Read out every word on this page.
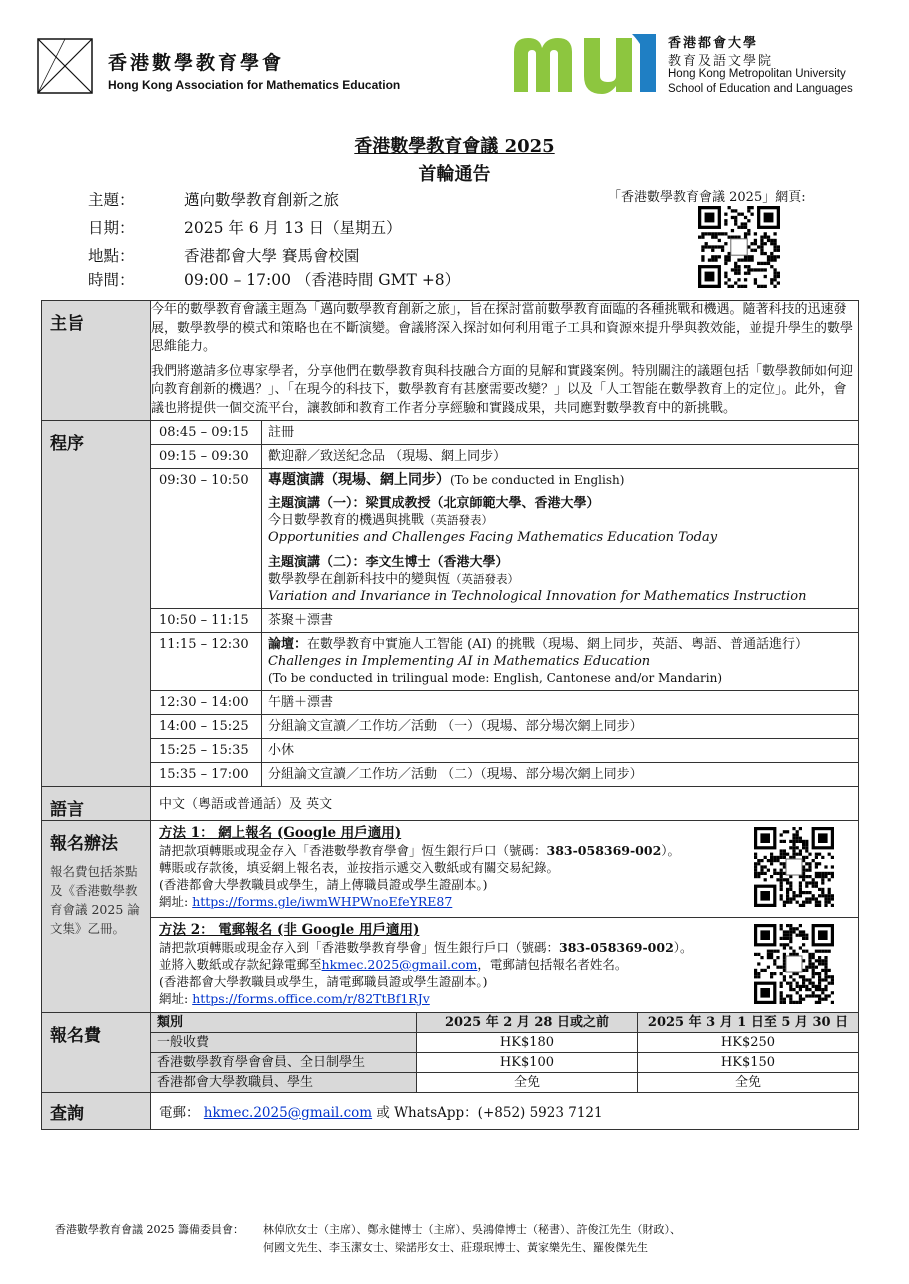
香港數學教育學會
Hong Kong Association for Mathematics Education
香港都會大學
教育及語文學院
Hong Kong Metropolitan University
School of Education and Languages
香港數學教育會議 2025
首輪通告
主題：	邁向數學教育創新之旅
日期：	2025 年 6 月 13 日（星期五）
地點：	香港都會大學 賽馬會校園
時間：	09:00 – 17:00 （香港時間 GMT +8）
「香港數學教育會議 2025」網頁:
主旨	

今年的數學教育會議主題為「邁向數學教育創新之旅」，旨在探討當前數學教育面臨的各種挑戰和機遇。隨著科技的迅速發展，數學教學的模式和策略也在不斷演變。會議將深入探討如何利用電子工具和資源來提升學與教效能，並提升學生的數學思維能力。

我們將邀請多位專家學者，分享他們在數學教育與科技融合方面的見解和實踐案例。特別關注的議題包括「數學教師如何迎向教育創新的機遇？」、「在現今的科技下，數學教育有甚麼需要改變？」以及「人工智能在數學教育上的定位」。此外，會議也將提供一個交流平台，讓教師和教育工作者分享經驗和實踐成果，共同應對數學教育中的新挑戰。

程序	
08:45 – 09:15	註冊
09:15 – 09:30	歡迎辭／致送紀念品 （現場、網上同步）
09:30 – 10:50	專題演講（現場、網上同步）(To be conducted in English)
主題演講（一）：梁貫成教授（北京師範大學、香港大學）
今日數學教育的機遇與挑戰（英語發表）
Opportunities and Challenges Facing Mathematics Education Today
主題演講（二）：李文生博士（香港大學）
數學教學在創新科技中的變與恆（英語發表）
Variation and Invariance in Technological Innovation for Mathematics Instruction

10:50 – 11:15	茶聚＋漂書
11:15 – 12:30	論壇：在數學教育中實施人工智能 (AI) 的挑戰（現場、網上同步，英語、粵語、普通話進行）
Challenges in Implementing AI in Mathematics Education
(To be conducted in trilingual mode: English, Cantonese and/or Mandarin)

12:30 – 14:00	午膳＋漂書
14:00 – 15:25	分組論文宣讀／工作坊／活動 （一）（現場、部分場次網上同步）
15:25 – 15:35	小休
15:35 – 17:00	分組論文宣讀／工作坊／活動 （二）（現場、部分場次網上同步）

語言	中文（粵語或普通話）及 英文

報名辦法
報名費包括茶點及《香港數學教育會議 2025 論文集》乙冊。

方法 1： 網上報名 (Google 用戶適用)
請把款項轉賬或現金存入「香港數學教育學會」恆生銀行戶口（號碼：383-058369-002）。
轉賬或存款後，填妥網上報名表，並按指示遞交入數紙或有關交易紀錄。
(香港都會大學教職員或學生，請上傳職員證或學生證副本。)
網址: https://forms.gle/iwmWHPWnoEfeYRE87
方法 2： 電郵報名 (非 Google 用戶適用)
請把款項轉賬或現金存入到「香港數學教育學會」恆生銀行戶口（號碼：383-058369-002）。
並將入數紙或存款紀錄電郵至hkmec.2025@gmail.com，電郵請包括報名者姓名。
(香港都會大學教職員或學生，請電郵職員證或學生證副本。)
網址: https://forms.office.com/r/82TtBf1RJv

報名費	
類別	2025 年 2 月 28 日或之前	2025 年 3 月 1 日至 5 月 30 日
一般收費	HK$180	HK$250
香港數學教育學會會員、全日制學生	HK$100	HK$150
香港都會大學教職員、學生	全免	全免

查詢	電郵： hkmec.2025@gmail.com 或 WhatsApp：(+852) 5923 7121
香港數學教育會議 2025 籌備委員會：	林倬欣女士（主席）、鄭永健博士（主席）、吳鴻偉博士（秘書）、許俊江先生（財政）、
何國文先生、李玉潔女士、梁諾彤女士、莊璟珉博士、黃家樂先生、羅俊傑先生
